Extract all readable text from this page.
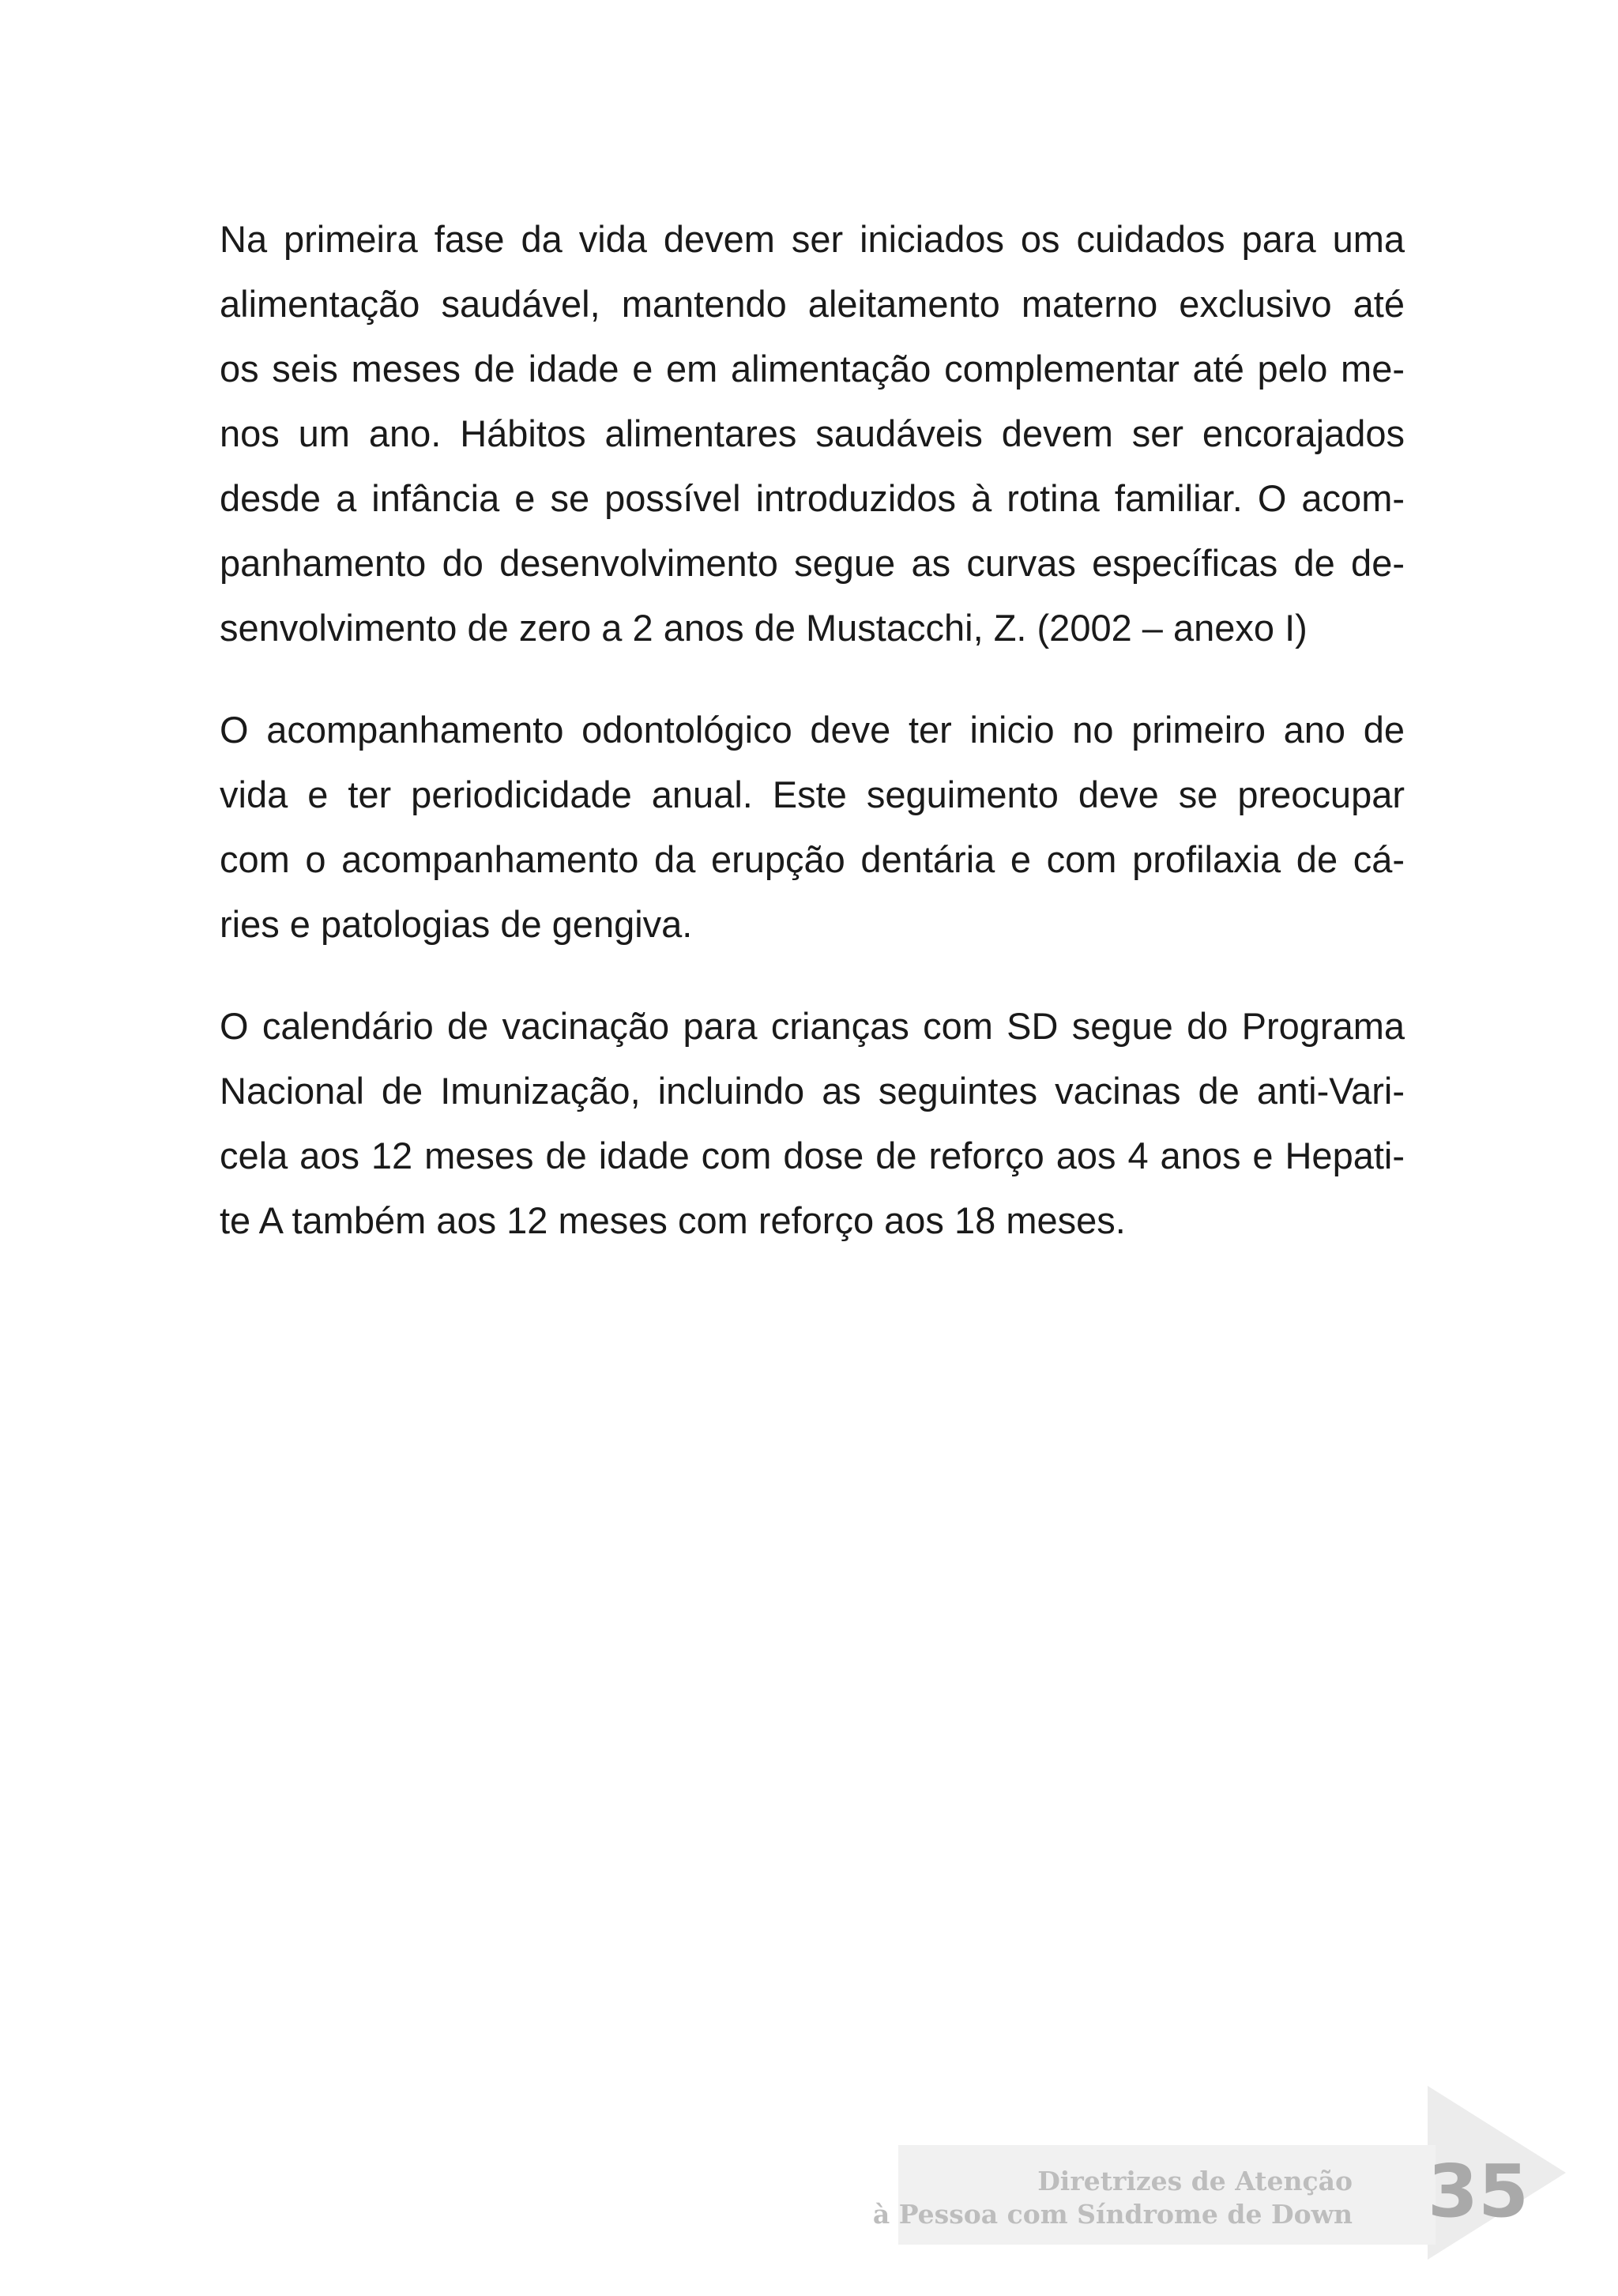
Na primeira fase da vida devem ser iniciados os cuidados para uma
alimentação saudável, mantendo aleitamento materno exclusivo até
os seis meses de idade e em alimentação complementar até pelo me-
nos um ano. Hábitos alimentares saudáveis devem ser encorajados
desde a infância e se possível introduzidos à rotina familiar. O acom-
panhamento do desenvolvimento segue as curvas específicas de de-
senvolvimento de zero a 2 anos de Mustacchi, Z. (2002 – anexo I)

O acompanhamento odontológico deve ter inicio no primeiro ano de
vida e ter periodicidade anual. Este seguimento deve se preocupar
com o acompanhamento da erupção dentária e com profilaxia de cá-
ries e patologias de gengiva.

O calendário de vacinação para crianças com SD segue do Programa
Nacional de Imunização, incluindo as seguintes vacinas de anti-Vari-
cela aos 12 meses de idade com dose de reforço aos 4 anos e Hepati-
te A também aos 12 meses com reforço aos 18 meses.

Diretrizes de Atenção
à Pessoa com Síndrome de Down 35
